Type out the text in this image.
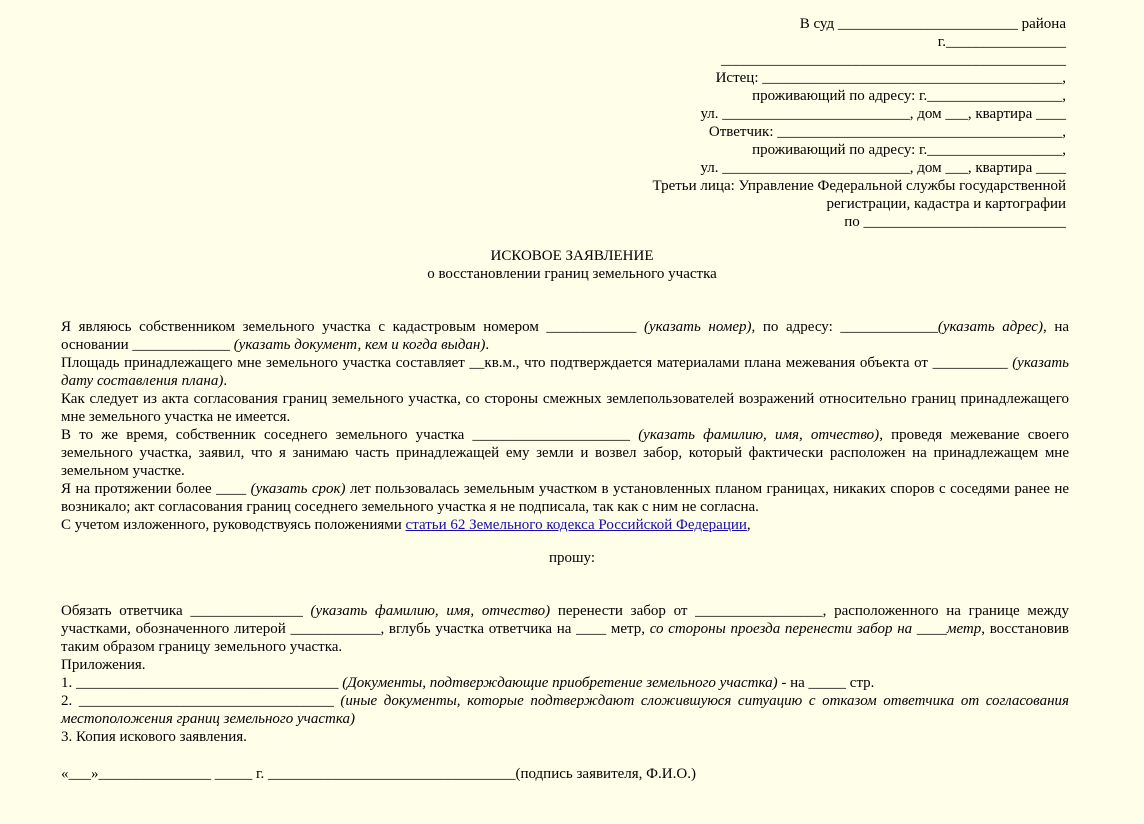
В суд ________________________ района
г.________________
______________________________________________
Истец: ________________________________________,
проживающий по адресу: г.__________________,
ул. _________________________, дом ___, квартира ____
Ответчик: ______________________________________,
проживающий по адресу: г.__________________,
ул. _________________________, дом ___, квартира ____
Третьи лица: Управление Федеральной службы государственной
регистрации, кадастра и картографии
по ___________________________
ИСКОВОЕ ЗАЯВЛЕНИЕ
о восстановлении границ земельного участка

Я являюсь собственником земельного участка с кадастровым номером ____________ (указать номер), по адресу: _____________(указать адрес), на основании _____________ (указать документ, кем и когда выдан).

Площадь принадлежащего мне земельного участка составляет __кв.м., что подтверждается материалами плана межевания объекта от __________ (указать дату составления плана).

Как следует из акта согласования границ земельного участка, со стороны смежных землепользователей возражений относительно границ принадлежащего мне земельного участка не имеется.

В то же время, собственник соседнего земельного участка _____________________ (указать фамилию, имя, отчество), проведя межевание своего земельного участка, заявил, что я занимаю часть принадлежащей ему земли и возвел забор, который фактически расположен на принадлежащем мне земельном участке.

Я на протяжении более ____ (указать срок) лет пользовалась земельным участком в установленных планом границах, никаких споров с соседями ранее не возникало; акт согласования границ соседнего земельного участка я не подписала, так как с ним не согласна.

С учетом изложенного, руководствуясь положениями статьи 62 Земельного кодекса Российской Федерации,

прошу:

Обязать ответчика _______________ (указать фамилию, имя, отчество) перенести забор от _________________, расположенного на границе между участками, обозначенного литерой ____________, вглубь участка ответчика на ____ метр, со стороны проезда перенести забор на ____метр, восстановив таким образом границу земельного участка.

Приложения.

1. ___________________________________ (Документы, подтверждающие приобретение земельного участка) - на _____ стр.

2. __________________________________ (иные документы, которые подтверждают сложившуюся ситуацию с отказом ответчика от согласования местоположения границ земельного участка)

3. Копия искового заявления.

«___»_______________ _____ г. _________________________________(подпись заявителя, Ф.И.О.)
